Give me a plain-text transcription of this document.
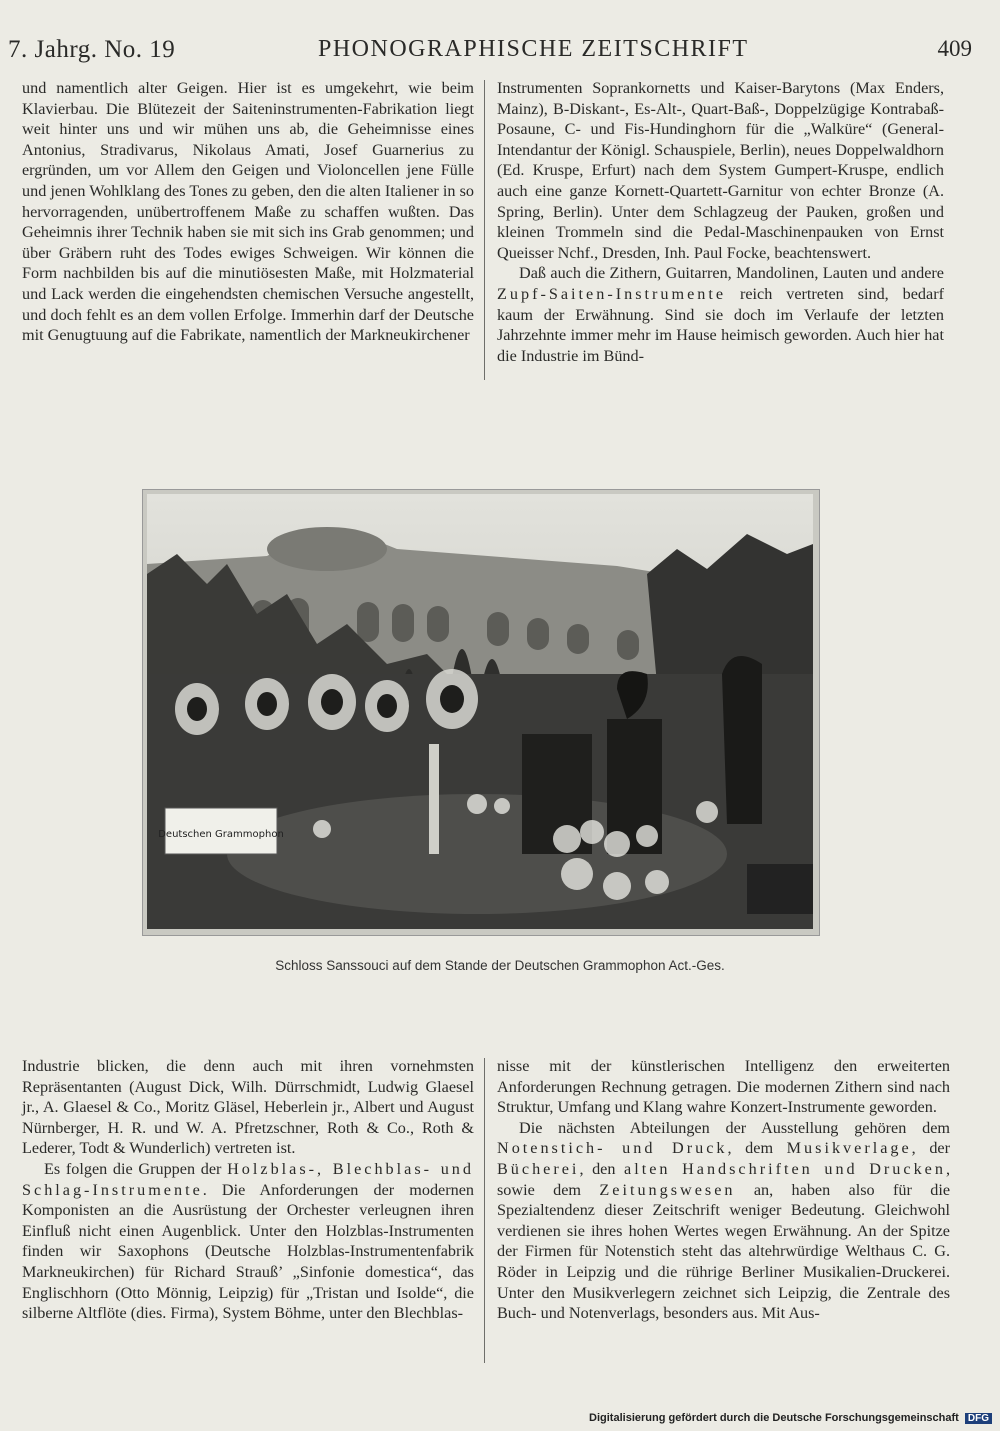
7. Jahrg. No. 19	PHONOGRAPHISCHE ZEITSCHRIFT	409

und namentlich alter Geigen. Hier ist es umgekehrt, wie beim Klavierbau. Die Blütezeit der Saiteninstrumenten-Fabrikation liegt weit hinter uns und wir mühen uns ab, die Geheimnisse eines Antonius, Stradivarus, Nikolaus Amati, Josef Guarnerius zu ergründen, um vor Allem den Geigen und Violoncellen jene Fülle und jenen Wohlklang des Tones zu geben, den die alten Italiener in so hervorragenden, unübertroffenem Maße zu schaffen wußten. Das Geheimnis ihrer Technik haben sie mit sich ins Grab genommen; und über Gräbern ruht des Todes ewiges Schweigen. Wir können die Form nachbilden bis auf die minutiösesten Maße, mit Holzmaterial und Lack werden die eingehendsten chemischen Versuche angestellt, und doch fehlt es an dem vollen Erfolge. Immerhin darf der Deutsche mit Genugtuung auf die Fabrikate, namentlich der Markneukirchener

Instrumenten Soprankornetts und Kaiser-Barytons (Max Enders, Mainz), B-Diskant-, Es-Alt-, Quart-Baß-, Doppelzügige Kontrabaß-Posaune, C- und Fis-Hundinghorn für die „Walküre“ (General-Intendantur der Königl. Schauspiele, Berlin), neues Doppelwaldhorn (Ed. Kruspe, Erfurt) nach dem System Gumpert-Kruspe, endlich auch eine ganze Kornett-Quartett-Garnitur von echter Bronze (A. Spring, Berlin). Unter dem Schlagzeug der Pauken, großen und kleinen Trommeln sind die Pedal-Maschinenpauken von Ernst Queisser Nchf., Dresden, Inh. Paul Focke, beachtenswert.

Daß auch die Zithern, Guitarren, Mandolinen, Lauten und andere Zupf-Saiten-Instrumente reich vertreten sind, bedarf kaum der Erwähnung. Sind sie doch im Verlaufe der letzten Jahrzehnte immer mehr im Hause heimisch geworden. Auch hier hat die Industrie im Bünd-

Deutschen Grammophon
Schloss Sanssouci auf dem Stande der Deutschen Grammophon Act.-Ges.

Industrie blicken, die denn auch mit ihren vornehmsten Repräsentanten (August Dick, Wilh. Dürrschmidt, Ludwig Glaesel jr., A. Glaesel & Co., Moritz Gläsel, Heberlein jr., Albert und August Nürnberger, H. R. und W. A. Pfretzschner, Roth & Co., Roth & Lederer, Todt & Wunderlich) vertreten ist.

Es folgen die Gruppen der Holzblas-, Blechblas- und Schlag-Instrumente. Die Anforderungen der modernen Komponisten an die Ausrüstung der Orchester verleugnen ihren Einfluß nicht einen Augenblick. Unter den Holzblas-Instrumenten finden wir Saxophons (Deutsche Holzblas-Instrumentenfabrik Markneukirchen) für Richard Strauß’ „Sinfonie domestica“, das Englischhorn (Otto Mönnig, Leipzig) für „Tristan und Isolde“, die silberne Altflöte (dies. Firma), System Böhme, unter den Blechblas-

nisse mit der künstlerischen Intelligenz den erweiterten Anforderungen Rechnung getragen. Die modernen Zithern sind nach Struktur, Umfang und Klang wahre Konzert-Instrumente geworden.

Die nächsten Abteilungen der Ausstellung gehören dem Notenstich- und Druck, dem Musikverlage, der Bücherei, den alten Handschriften und Drucken, sowie dem Zeitungswesen an, haben also für die Spezialtendenz dieser Zeitschrift weniger Bedeutung. Gleichwohl verdienen sie ihres hohen Wertes wegen Erwähnung. An der Spitze der Firmen für Notenstich steht das altehrwürdige Welthaus C. G. Röder in Leipzig und die rührige Berliner Musikalien-Druckerei. Unter den Musikverlegern zeichnet sich Leipzig, die Zentrale des Buch- und Notenverlags, besonders aus. Mit Aus-

Digitalisierung gefördert durch die Deutsche Forschungsgemeinschaft DFG
